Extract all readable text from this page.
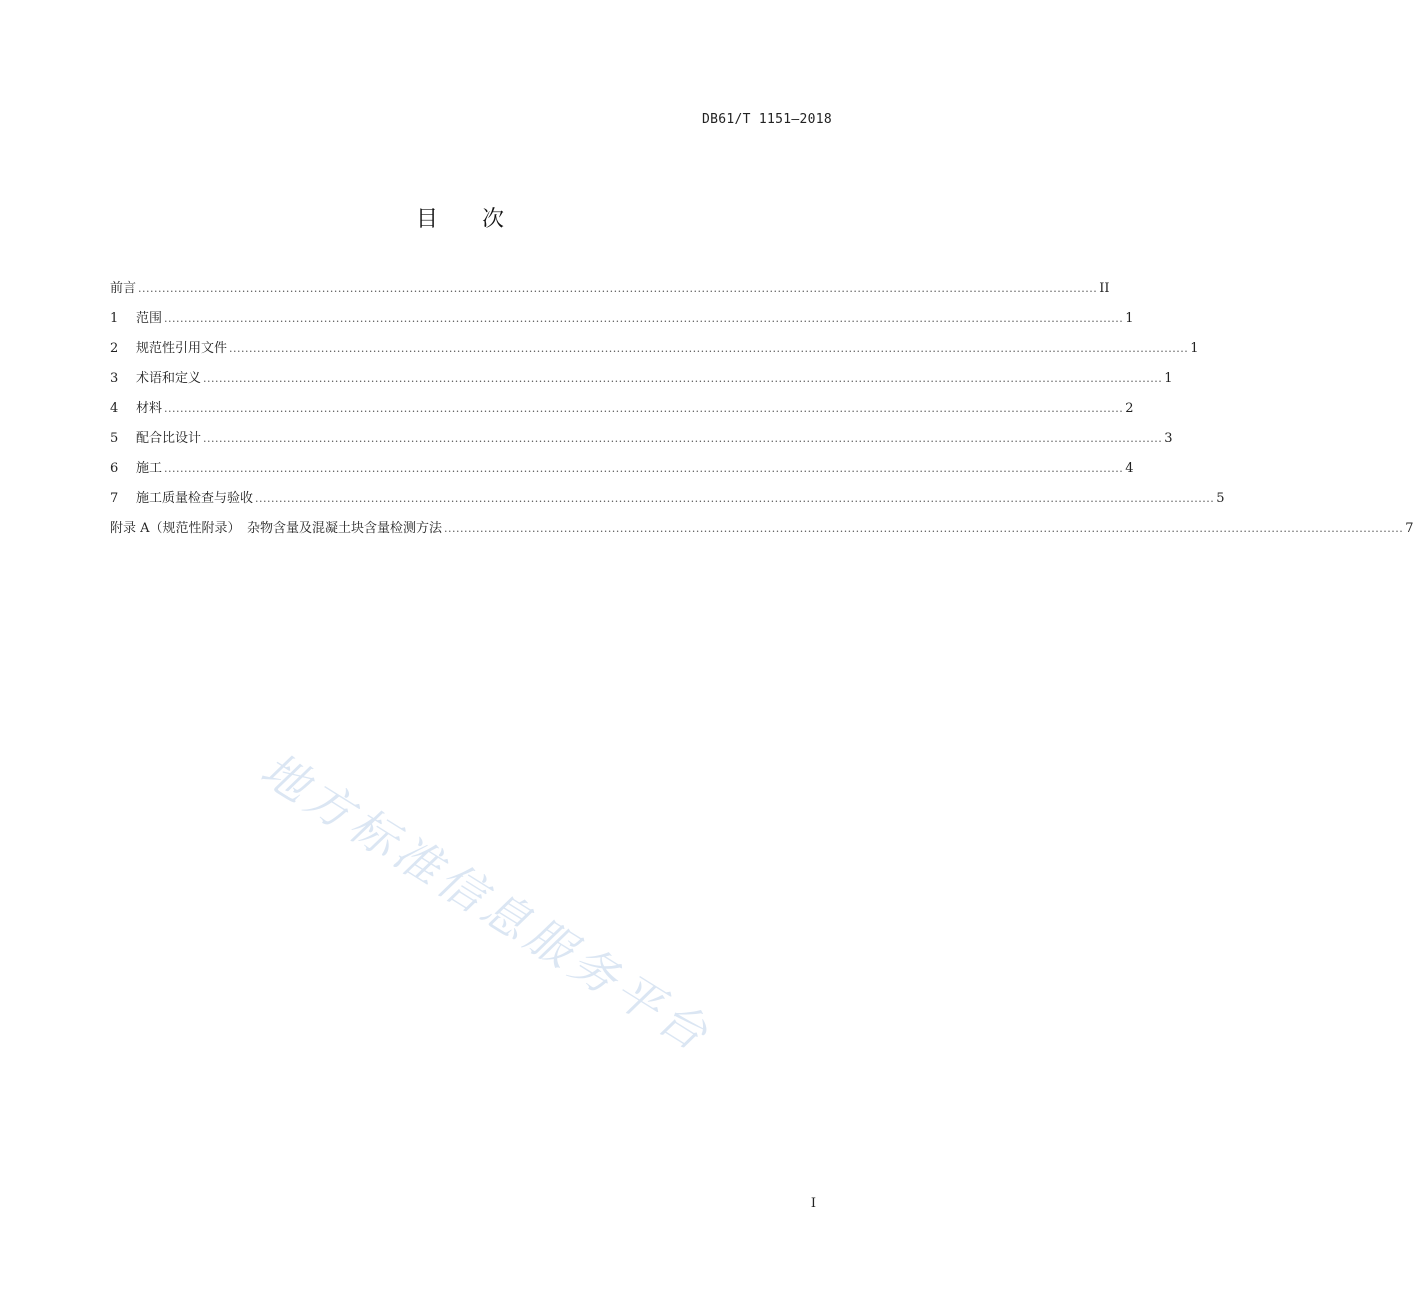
DB61/T 1151—2018
目 次
前言 ................................................................................................................................................................................................................................................ II
1	范围 ................................................................................................................................................................................................................................................ 1
2	规范性引用文件 ................................................................................................................................................................................................................................................ 1
3	术语和定义 ................................................................................................................................................................................................................................................ 1
4	材料 ................................................................................................................................................................................................................................................ 2
5	配合比设计 ................................................................................................................................................................................................................................................ 3
6	施工 ................................................................................................................................................................................................................................................ 4
7	施工质量检查与验收 ................................................................................................................................................................................................................................................ 5
附录 A（规范性附录）　杂物含量及混凝土块含量检测方法 ................................................................................................................................................................................................................................................ 7
地方标准信息服务平台
I
